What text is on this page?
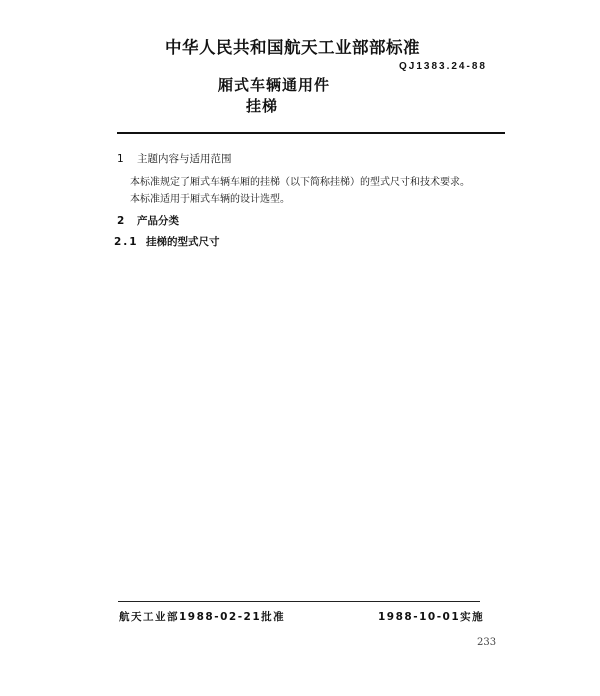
中华人民共和国航天工业部部标准
QJ1383.24-88
厢式车辆通用件
挂梯
1 主题内容与适用范围
本标准规定了厢式车辆车厢的挂梯（以下简称挂梯）的型式尺寸和技术要求。
本标准适用于厢式车辆的设计选型。
2 产品分类
2.1 挂梯的型式尺寸
航天工业部1988-02-21批准	1988-10-01实施
233
